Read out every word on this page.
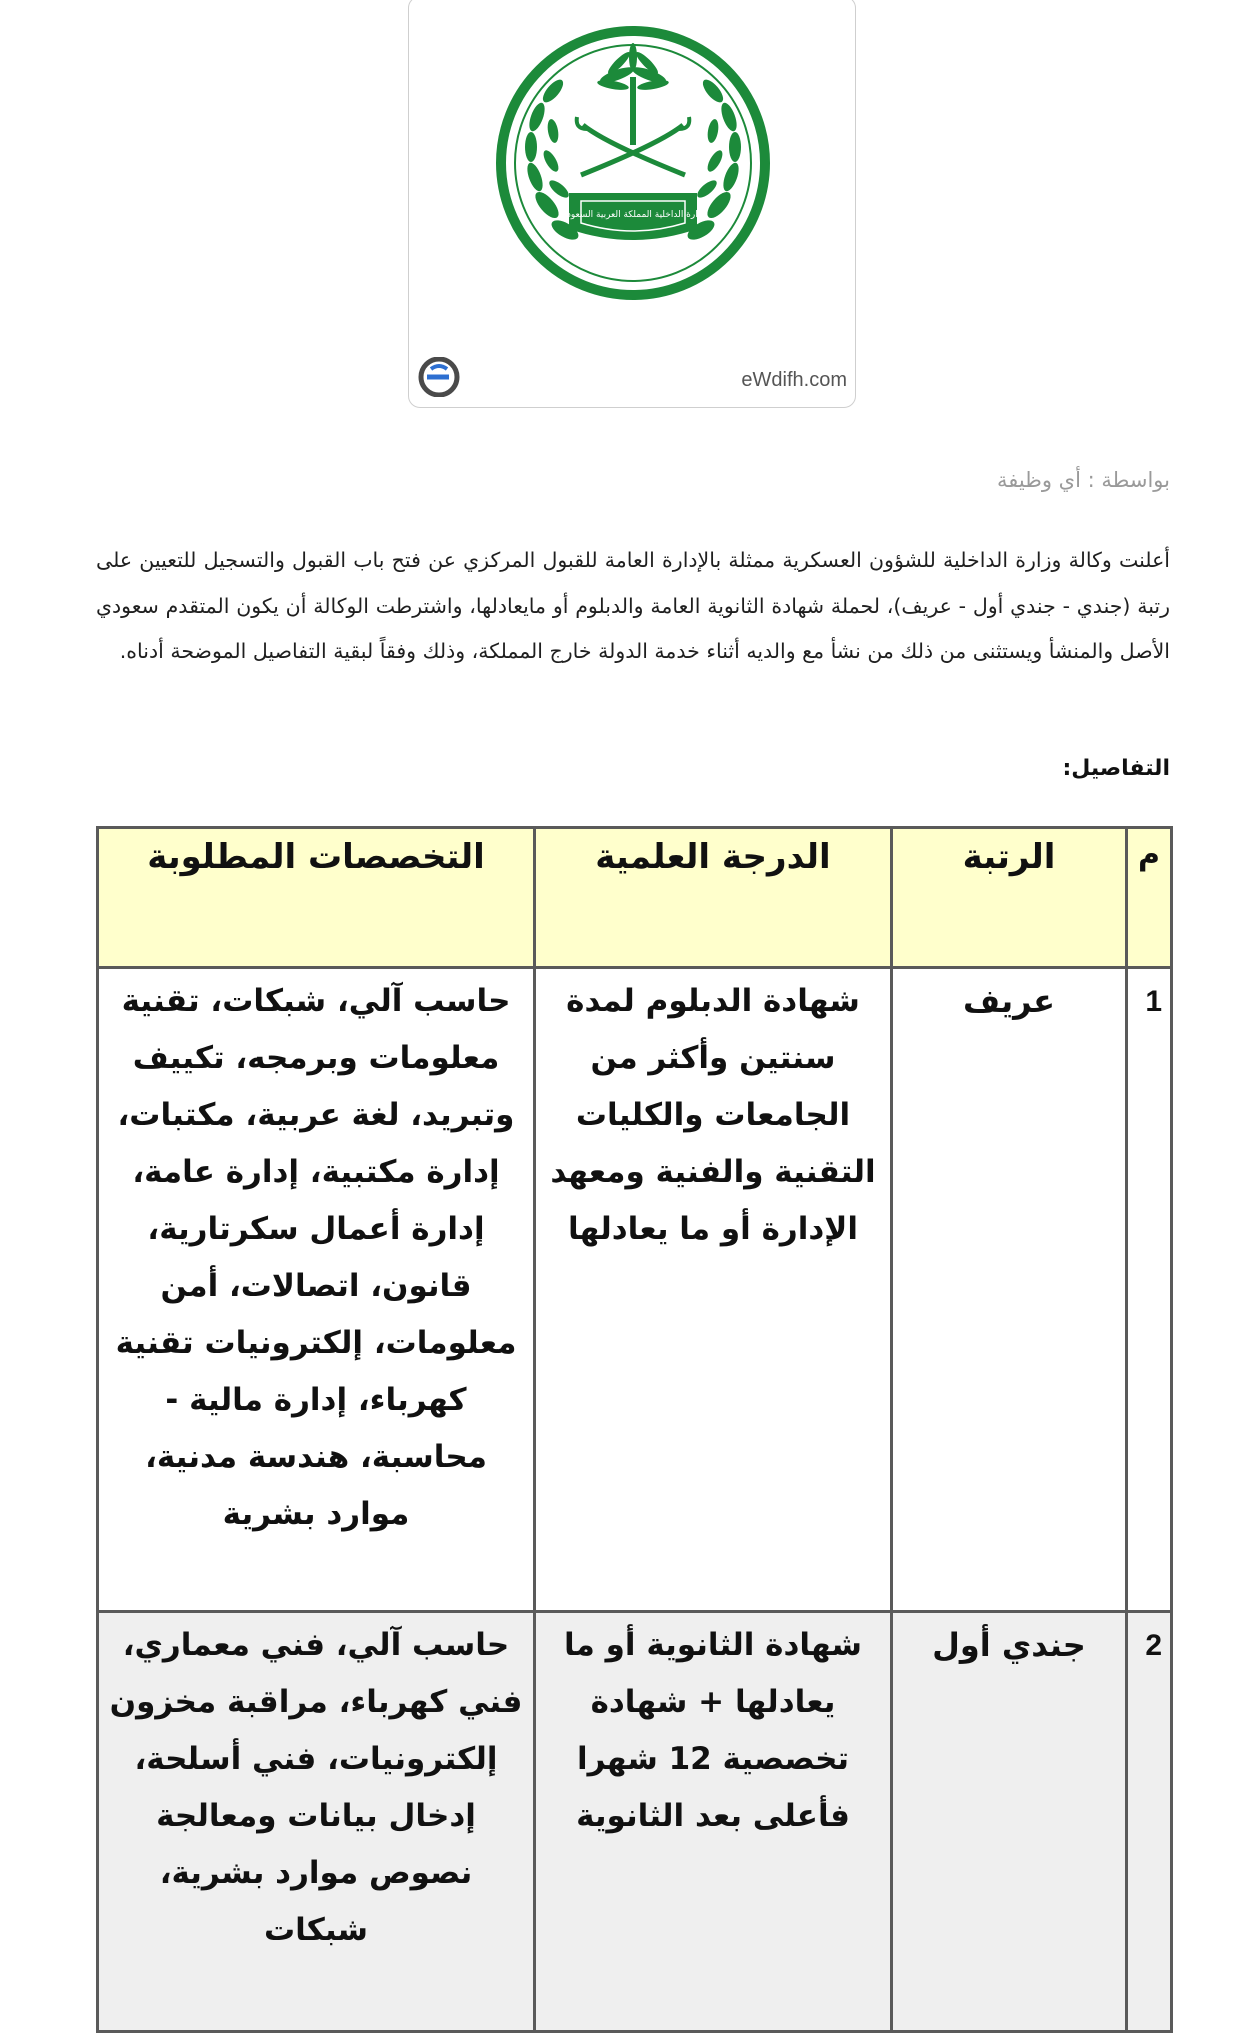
وزارة الداخلية المملكة العربية السعودية
eWdifh.com
بواسطة : أي وظيفة
أعلنت وكالة وزارة الداخلية للشؤون العسكرية ممثلة بالإدارة العامة للقبول المركزي عن فتح باب القبول والتسجيل للتعيين على رتبة (جندي - جندي أول - عريف)، لحملة شهادة الثانوية العامة والدبلوم أو مايعادلها، واشترطت الوكالة أن يكون المتقدم سعودي الأصل والمنشأ ويستثنى من ذلك من نشأ مع والديه أثناء خدمة الدولة خارج المملكة، وذلك وفقاً لبقية التفاصيل الموضحة أدناه.
التفاصيل:
م	الرتبة	الدرجة العلمية	التخصصات المطلوبة
1	عريف	شهادة الدبلوم لمدة سنتين وأكثر من الجامعات والكليات التقنية والفنية ومعهد الإدارة أو ما يعادلها	حاسب آلي، شبكات، تقنية معلومات وبرمجه، تكييف وتبريد، لغة عربية، مكتبات، إدارة مكتبية، إدارة عامة، إدارة أعمال سكرتارية، قانون، اتصالات، أمن معلومات، إلكترونيات تقنية كهرباء، إدارة مالية - محاسبة، هندسة مدنية، موارد بشرية
2	جندي أول	شهادة الثانوية أو ما يعادلها + شهادة تخصصية 12 شهرا فأعلى بعد الثانوية	حاسب آلي، فني معماري، فني كهرباء، مراقبة مخزون إلكترونيات، فني أسلحة، إدخال بيانات ومعالجة نصوص موارد بشرية، شبكات
